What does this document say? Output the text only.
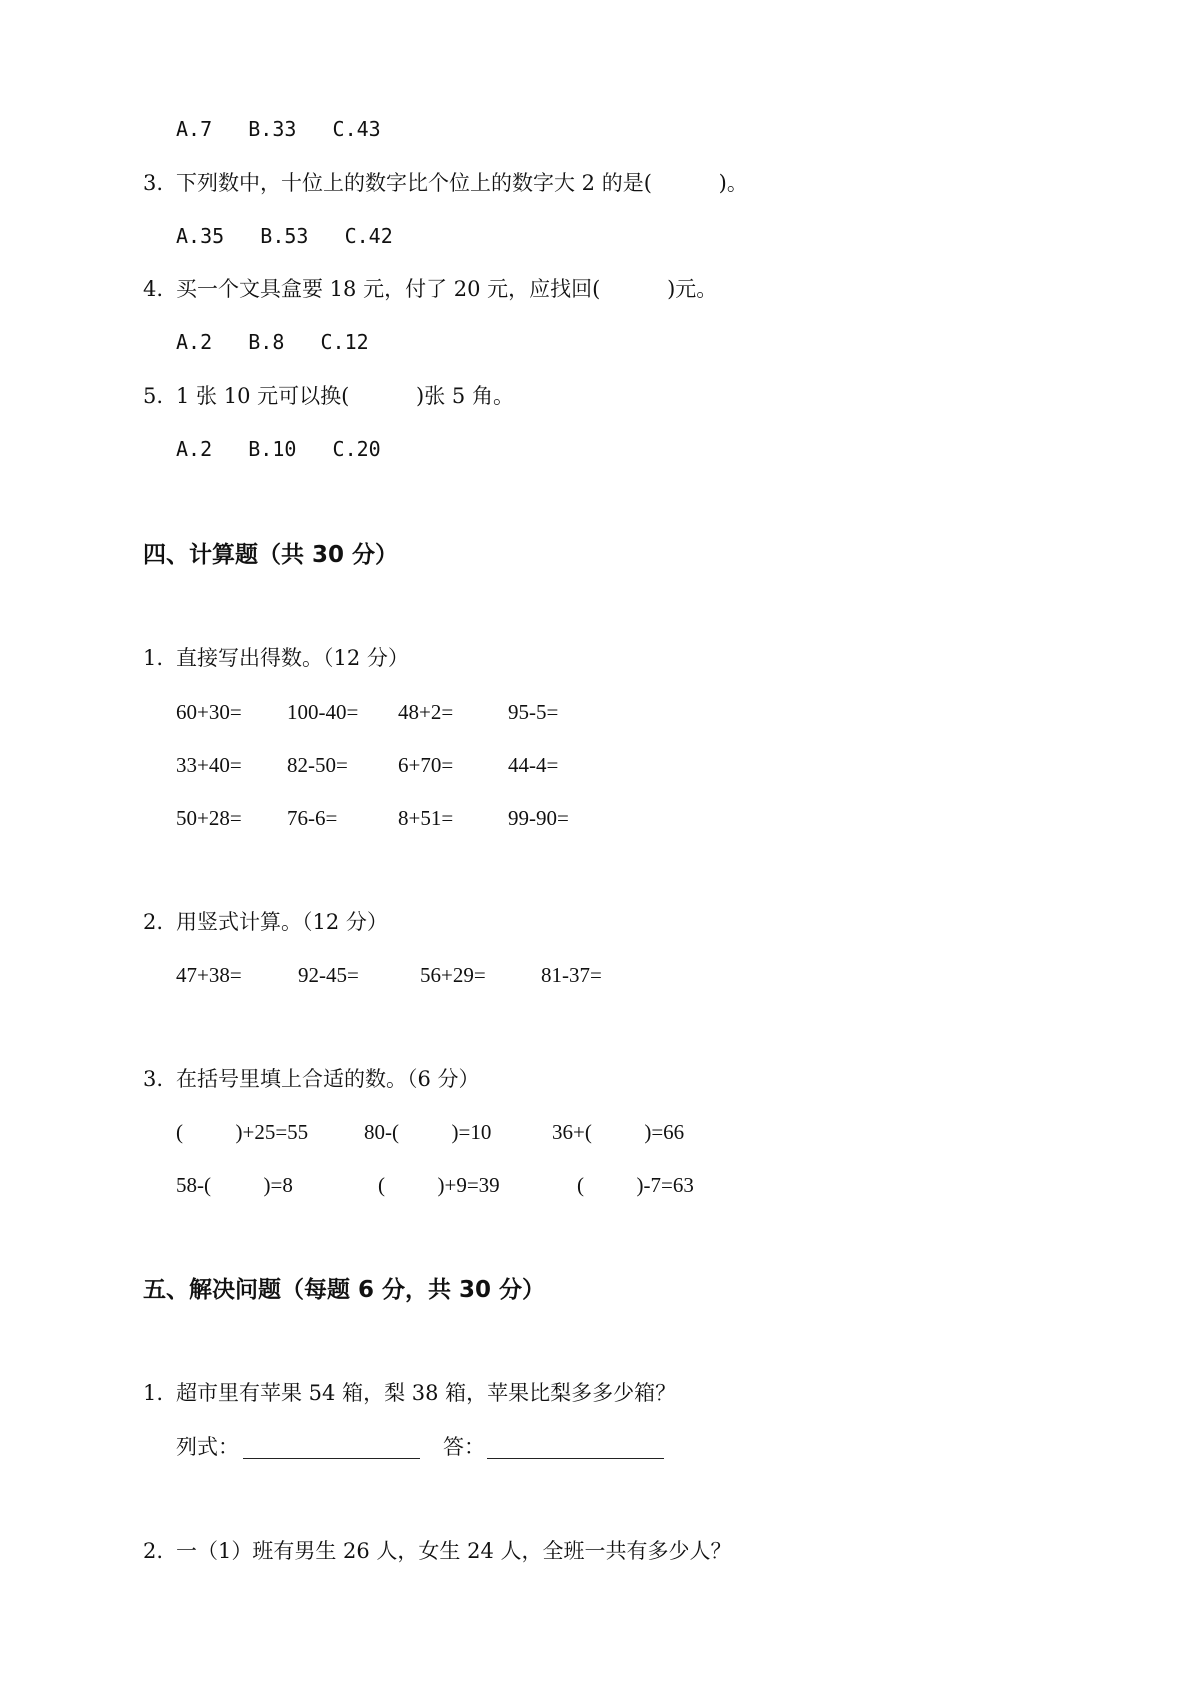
A.7   B.33   C.43
3. 下列数中，十位上的数字比个位上的数字大 2 的是(          )。
A.35   B.53   C.42
4. 买一个文具盒要 18 元，付了 20 元，应找回(          )元。
A.2   B.8   C.12
5. 1 张 10 元可以换(          )张 5 角。
A.2   B.10   C.20
四、计算题（共 30 分）
1. 直接写出得数。（12 分）
60+30= 100-40= 48+2=	95-5=
33+40= 82-50= 6+70=	44-4=
50+28= 76-6=	8+51=	99-90=
2. 用竖式计算。（12 分）
47+38=	92-45=	56+29=	81-37=
3. 在括号里填上合适的数。（6 分）
(          )+25=55	80-(          )=10	36+(          )=66
58-(          )=8	(          )+9=39	(          )-7=63
五、解决问题（每题 6 分，共 30 分）
1. 超市里有苹果 54 箱，梨 38 箱，苹果比梨多多少箱？
列式：	答：
2. 一（1）班有男生 26 人，女生 24 人，全班一共有多少人？
